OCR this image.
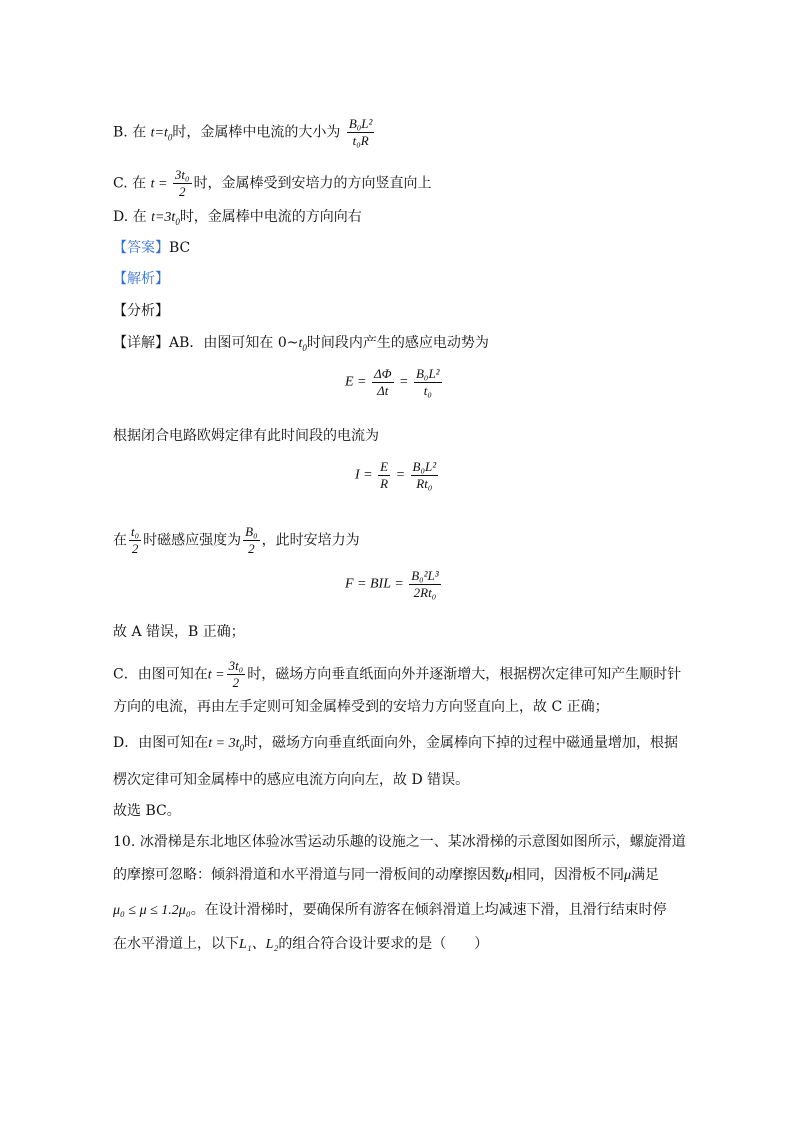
B. 在 $t=t_0$时，金属棒中电流的大小为 $\frac{\text{B₀L²}}{\text{t₀R}}$
C. 在 $t = \frac{\text{3t₀}}{2}$ 时，金属棒受到安培力的方向竖直向上
D. 在 $t=3t_0$时，金属棒中电流的方向向右
【答案】BC
【解析】
【分析】
【详解】AB．由图可知在 $0\sim t_0$时间段内产生的感应电动势为
$E = \frac{\Delta\Phi}{\Delta t} = \frac{\text{B₀L²}}{\text{t₀}}$
根据闭合电路欧姆定律有此时间段的电流为
$I = \frac{E}{R} = \frac{\text{B₀L²}}{\text{Rt₀}}$
在 $\frac{\text{t₀}}{2}$ 时磁感应强度为 $\frac{\text{B₀}}{2}$ ，此时安培力为
F = BIL = $\frac{\text{B₀²L³}}{\text{2Rt₀}}$
故 A 错误，B 正确；
C．由图可知在$t = \frac{\text{3t₀}}{2}$ 时，磁场方向垂直纸面向外并逐渐增大，根据楞次定律可知产生顺时针
方向的电流，再由左手定则可知金属棒受到的安培力方向竖直向上，故 C 正确；
D．由图可知在$t = 3t_0$时，磁场方向垂直纸面向外，金属棒向下掉的过程中磁通量增加，根据
楞次定律可知金属棒中的感应电流方向向左，故 D 错误。
故选 BC。
10. 冰滑梯是东北地区体验冰雪运动乐趣的设施之一、某冰滑梯的示意图如图所示，螺旋滑道
的摩擦可忽略：倾斜滑道和水平滑道与同一滑板间的动摩擦因数μ相同，因滑板不同μ满足
μ₀ ≤ μ ≤ 1.2μ₀。在设计滑梯时，要确保所有游客在倾斜滑道上均减速下滑，且滑行结束时停
在水平滑道上，以下L₁、L₂的组合符合设计要求的是（　　）
